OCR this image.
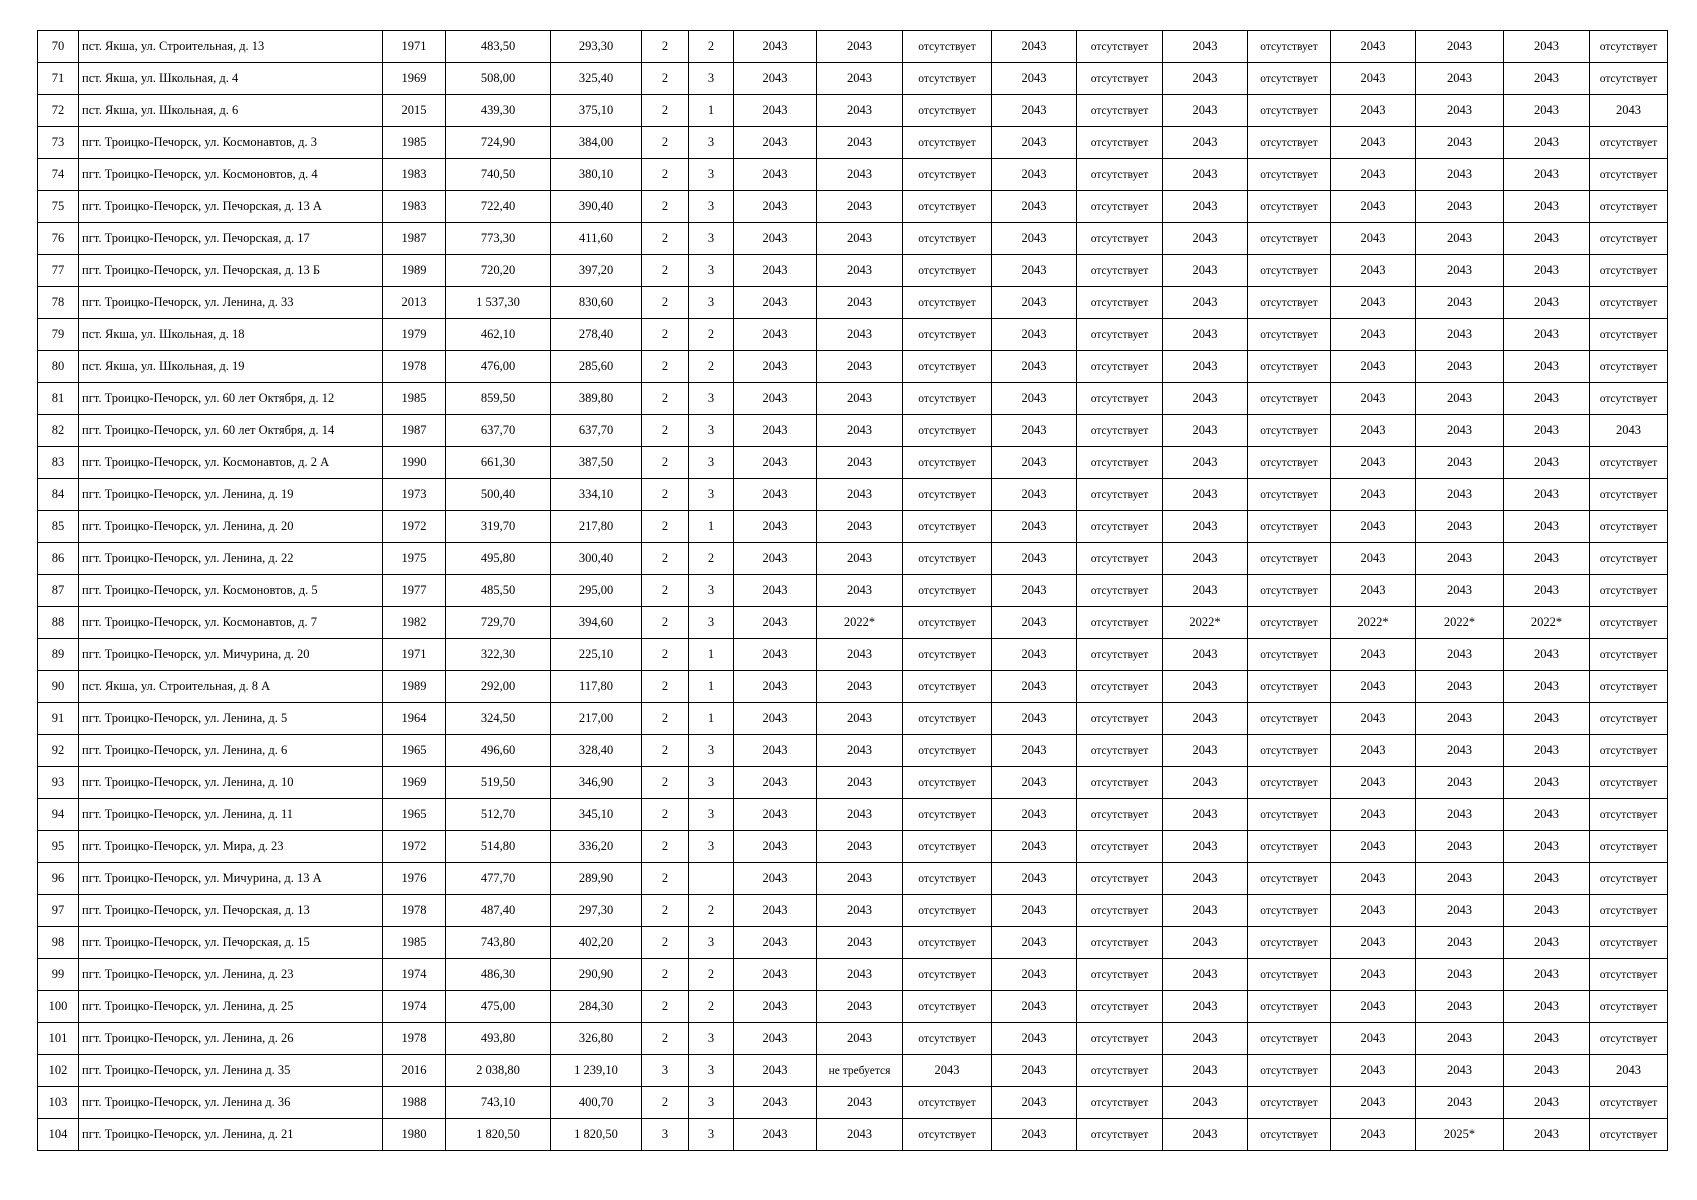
70	пст. Якша, ул. Строительная, д. 13	1971	483,50	293,30	2	2	2043	2043	отсутствует	2043	отсутствует	2043	отсутствует	2043	2043	2043	отсутствует
71	пст. Якша, ул. Школьная, д. 4	1969	508,00	325,40	2	3	2043	2043	отсутствует	2043	отсутствует	2043	отсутствует	2043	2043	2043	отсутствует
72	пст. Якша, ул. Школьная, д. 6	2015	439,30	375,10	2	1	2043	2043	отсутствует	2043	отсутствует	2043	отсутствует	2043	2043	2043	2043
73	пгт. Троицко-Печорск, ул. Космонавтов, д. 3	1985	724,90	384,00	2	3	2043	2043	отсутствует	2043	отсутствует	2043	отсутствует	2043	2043	2043	отсутствует
74	пгт. Троицко-Печорск, ул. Космоновтов, д. 4	1983	740,50	380,10	2	3	2043	2043	отсутствует	2043	отсутствует	2043	отсутствует	2043	2043	2043	отсутствует
75	пгт. Троицко-Печорск, ул. Печорская, д. 13 А	1983	722,40	390,40	2	3	2043	2043	отсутствует	2043	отсутствует	2043	отсутствует	2043	2043	2043	отсутствует
76	пгт. Троицко-Печорск, ул. Печорская, д. 17	1987	773,30	411,60	2	3	2043	2043	отсутствует	2043	отсутствует	2043	отсутствует	2043	2043	2043	отсутствует
77	пгт. Троицко-Печорск, ул. Печорская, д. 13 Б	1989	720,20	397,20	2	3	2043	2043	отсутствует	2043	отсутствует	2043	отсутствует	2043	2043	2043	отсутствует
78	пгт. Троицко-Печорск, ул. Ленина, д. 33	2013	1 537,30	830,60	2	3	2043	2043	отсутствует	2043	отсутствует	2043	отсутствует	2043	2043	2043	отсутствует
79	пст. Якша, ул. Школьная, д. 18	1979	462,10	278,40	2	2	2043	2043	отсутствует	2043	отсутствует	2043	отсутствует	2043	2043	2043	отсутствует
80	пст. Якша, ул. Школьная, д. 19	1978	476,00	285,60	2	2	2043	2043	отсутствует	2043	отсутствует	2043	отсутствует	2043	2043	2043	отсутствует
81	пгт. Троицко-Печорск, ул. 60 лет Октября, д. 12	1985	859,50	389,80	2	3	2043	2043	отсутствует	2043	отсутствует	2043	отсутствует	2043	2043	2043	отсутствует
82	пгт. Троицко-Печорск, ул. 60 лет Октября, д. 14	1987	637,70	637,70	2	3	2043	2043	отсутствует	2043	отсутствует	2043	отсутствует	2043	2043	2043	2043
83	пгт. Троицко-Печорск, ул. Космонавтов, д. 2 А	1990	661,30	387,50	2	3	2043	2043	отсутствует	2043	отсутствует	2043	отсутствует	2043	2043	2043	отсутствует
84	пгт. Троицко-Печорск, ул. Ленина, д. 19	1973	500,40	334,10	2	3	2043	2043	отсутствует	2043	отсутствует	2043	отсутствует	2043	2043	2043	отсутствует
85	пгт. Троицко-Печорск, ул. Ленина, д. 20	1972	319,70	217,80	2	1	2043	2043	отсутствует	2043	отсутствует	2043	отсутствует	2043	2043	2043	отсутствует
86	пгт. Троицко-Печорск, ул. Ленина, д. 22	1975	495,80	300,40	2	2	2043	2043	отсутствует	2043	отсутствует	2043	отсутствует	2043	2043	2043	отсутствует
87	пгт. Троицко-Печорск, ул. Космоновтов, д. 5	1977	485,50	295,00	2	3	2043	2043	отсутствует	2043	отсутствует	2043	отсутствует	2043	2043	2043	отсутствует
88	пгт. Троицко-Печорск, ул. Космонавтов, д. 7	1982	729,70	394,60	2	3	2043	2022*	отсутствует	2043	отсутствует	2022*	отсутствует	2022*	2022*	2022*	отсутствует
89	пгт. Троицко-Печорск, ул. Мичурина, д. 20	1971	322,30	225,10	2	1	2043	2043	отсутствует	2043	отсутствует	2043	отсутствует	2043	2043	2043	отсутствует
90	пст. Якша, ул. Строительная, д. 8 А	1989	292,00	117,80	2	1	2043	2043	отсутствует	2043	отсутствует	2043	отсутствует	2043	2043	2043	отсутствует
91	пгт. Троицко-Печорск, ул. Ленина, д. 5	1964	324,50	217,00	2	1	2043	2043	отсутствует	2043	отсутствует	2043	отсутствует	2043	2043	2043	отсутствует
92	пгт. Троицко-Печорск, ул. Ленина, д. 6	1965	496,60	328,40	2	3	2043	2043	отсутствует	2043	отсутствует	2043	отсутствует	2043	2043	2043	отсутствует
93	пгт. Троицко-Печорск, ул. Ленина, д. 10	1969	519,50	346,90	2	3	2043	2043	отсутствует	2043	отсутствует	2043	отсутствует	2043	2043	2043	отсутствует
94	пгт. Троицко-Печорск, ул. Ленина, д. 11	1965	512,70	345,10	2	3	2043	2043	отсутствует	2043	отсутствует	2043	отсутствует	2043	2043	2043	отсутствует
95	пгт. Троицко-Печорск, ул. Мира, д. 23	1972	514,80	336,20	2	3	2043	2043	отсутствует	2043	отсутствует	2043	отсутствует	2043	2043	2043	отсутствует
96	пгт. Троицко-Печорск, ул. Мичурина, д. 13 А	1976	477,70	289,90	2		2043	2043	отсутствует	2043	отсутствует	2043	отсутствует	2043	2043	2043	отсутствует
97	пгт. Троицко-Печорск, ул. Печорская, д. 13	1978	487,40	297,30	2	2	2043	2043	отсутствует	2043	отсутствует	2043	отсутствует	2043	2043	2043	отсутствует
98	пгт. Троицко-Печорск, ул. Печорская, д. 15	1985	743,80	402,20	2	3	2043	2043	отсутствует	2043	отсутствует	2043	отсутствует	2043	2043	2043	отсутствует
99	пгт. Троицко-Печорск, ул. Ленина, д. 23	1974	486,30	290,90	2	2	2043	2043	отсутствует	2043	отсутствует	2043	отсутствует	2043	2043	2043	отсутствует
100	пгт. Троицко-Печорск, ул. Ленина, д. 25	1974	475,00	284,30	2	2	2043	2043	отсутствует	2043	отсутствует	2043	отсутствует	2043	2043	2043	отсутствует
101	пгт. Троицко-Печорск, ул. Ленина, д. 26	1978	493,80	326,80	2	3	2043	2043	отсутствует	2043	отсутствует	2043	отсутствует	2043	2043	2043	отсутствует
102	пгт. Троицко-Печорск, ул. Ленина д. 35	2016	2 038,80	1 239,10	3	3	2043	не требуется	2043	2043	отсутствует	2043	отсутствует	2043	2043	2043	2043
103	пгт. Троицко-Печорск, ул. Ленина д. 36	1988	743,10	400,70	2	3	2043	2043	отсутствует	2043	отсутствует	2043	отсутствует	2043	2043	2043	отсутствует
104	пгт. Троицко-Печорск, ул. Ленина, д. 21	1980	1 820,50	1 820,50	3	3	2043	2043	отсутствует	2043	отсутствует	2043	отсутствует	2043	2025*	2043	отсутствует
